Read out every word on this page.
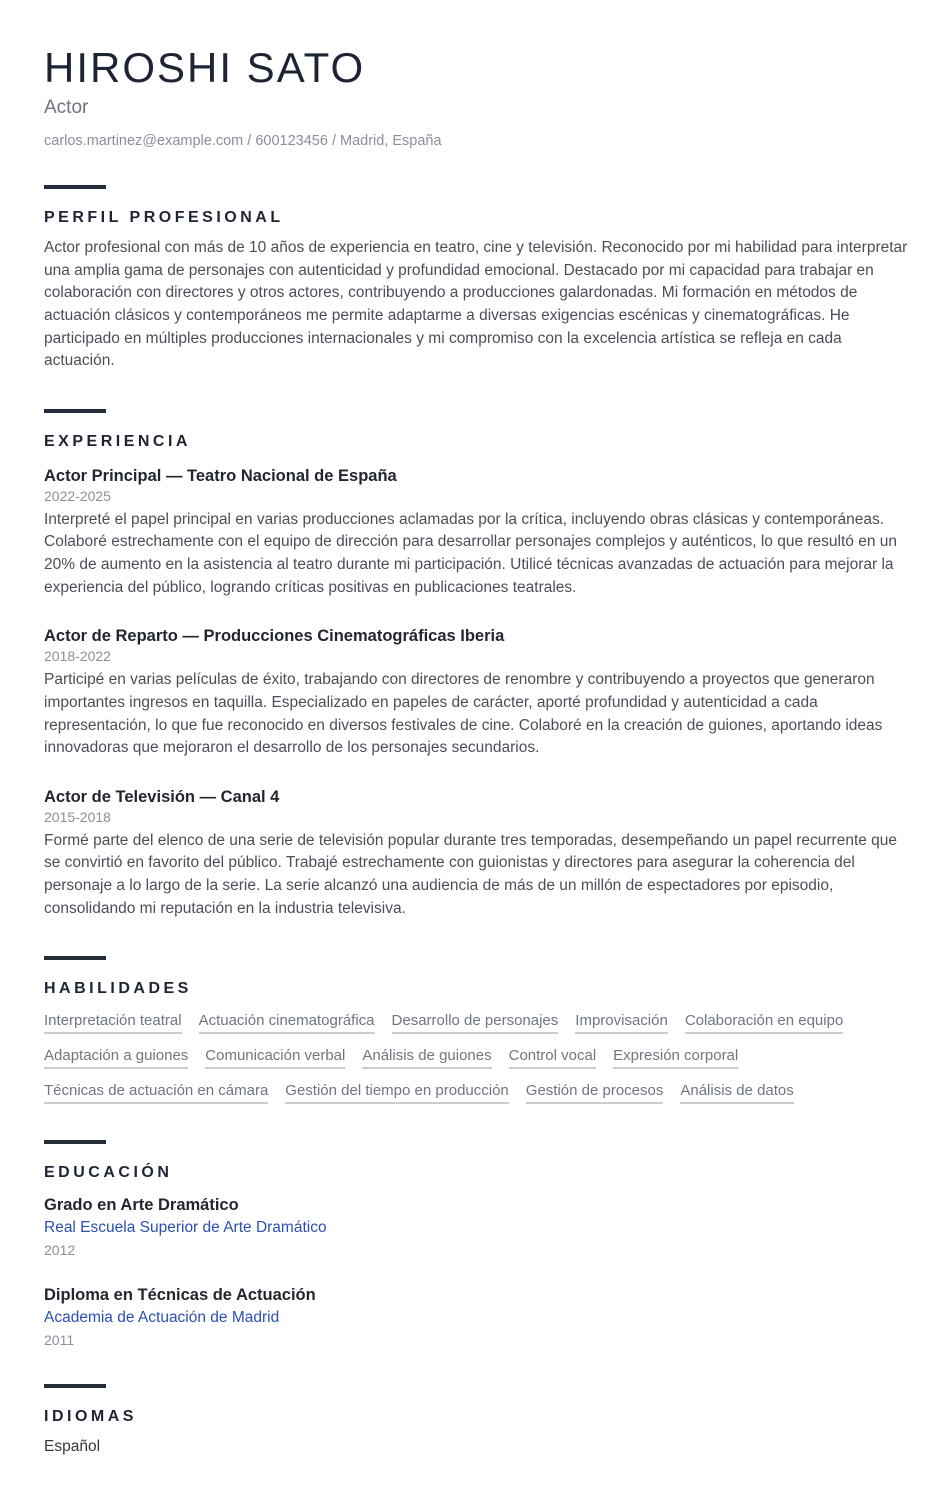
HIROSHI SATO
Actor
carlos.martinez@example.com / 600123456 / Madrid, España
PERFIL PROFESIONAL

Actor profesional con más de 10 años de experiencia en teatro, cine y televisión. Reconocido por mi habilidad para interpretar una amplia gama de personajes con autenticidad y profundidad emocional. Destacado por mi capacidad para trabajar en colaboración con directores y otros actores, contribuyendo a producciones galardonadas. Mi formación en métodos de actuación clásicos y contemporáneos me permite adaptarme a diversas exigencias escénicas y cinematográficas. He participado en múltiples producciones internacionales y mi compromiso con la excelencia artística se refleja en cada actuación.

EXPERIENCIA
Actor Principal — Teatro Nacional de España
2022-2025

Interpreté el papel principal en varias producciones aclamadas por la crítica, incluyendo obras clásicas y contemporáneas. Colaboré estrechamente con el equipo de dirección para desarrollar personajes complejos y auténticos, lo que resultó en un 20% de aumento en la asistencia al teatro durante mi participación. Utilicé técnicas avanzadas de actuación para mejorar la experiencia del público, logrando críticas positivas en publicaciones teatrales.

Actor de Reparto — Producciones Cinematográficas Iberia
2018-2022

Participé en varias películas de éxito, trabajando con directores de renombre y contribuyendo a proyectos que generaron importantes ingresos en taquilla. Especializado en papeles de carácter, aporté profundidad y autenticidad a cada representación, lo que fue reconocido en diversos festivales de cine. Colaboré en la creación de guiones, aportando ideas innovadoras que mejoraron el desarrollo de los personajes secundarios.

Actor de Televisión — Canal 4
2015-2018

Formé parte del elenco de una serie de televisión popular durante tres temporadas, desempeñando un papel recurrente que se convirtió en favorito del público. Trabajé estrechamente con guionistas y directores para asegurar la coherencia del personaje a lo largo de la serie. La serie alcanzó una audiencia de más de un millón de espectadores por episodio, consolidando mi reputación en la industria televisiva.

HABILIDADES
Interpretación teatral Actuación cinematográfica Desarrollo de personajes Improvisación Colaboración en equipo
Adaptación a guiones Comunicación verbal Análisis de guiones Control vocal Expresión corporal
Técnicas de actuación en cámara Gestión del tiempo en producción Gestión de procesos Análisis de datos
EDUCACIÓN
Grado en Arte Dramático
Real Escuela Superior de Arte Dramático
2012
Diploma en Técnicas de Actuación
Academia de Actuación de Madrid
2011
IDIOMAS
Español
